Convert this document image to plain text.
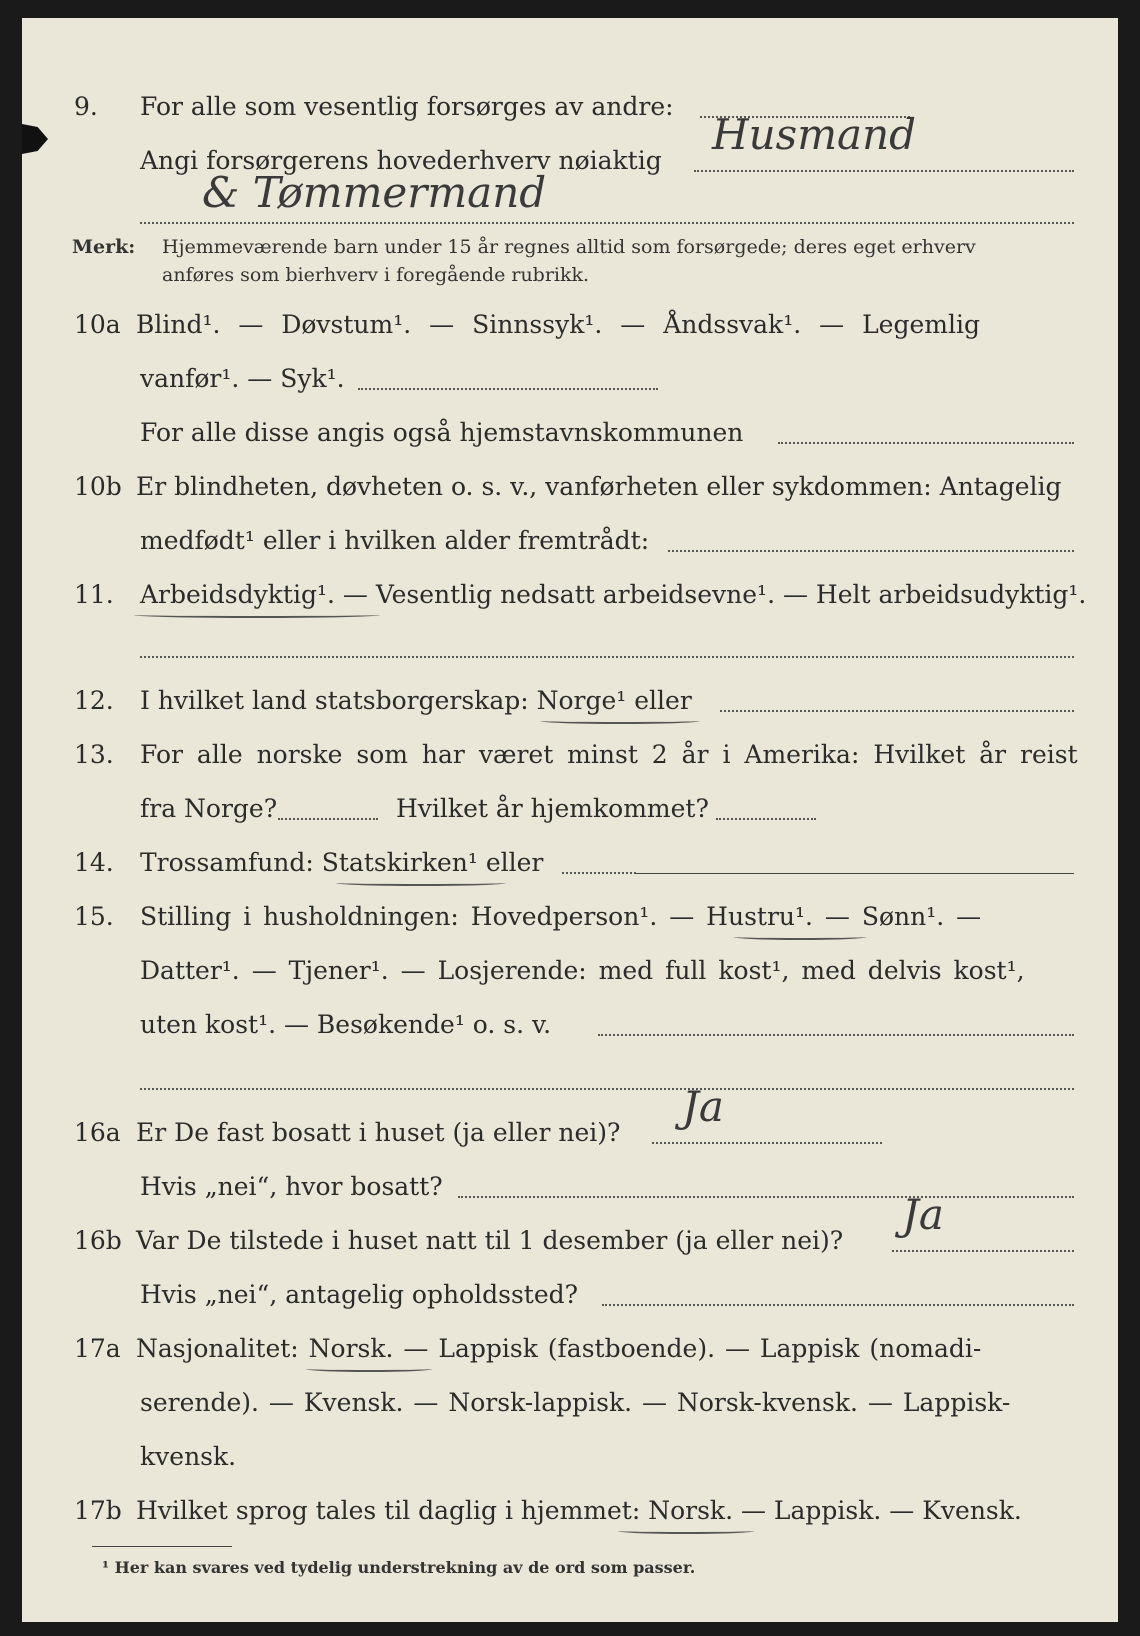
9. For alle som vesentlig forsørges av andre:
Angi forsørgerens hovederhverv nøiaktig
Husmand
& Tømmermand
Merk: Hjemmeværende barn under 15 år regnes alltid som forsørgede; deres eget erhverv
anføres som bierhverv i foregående rubrikk.
10a Blind¹. — Døvstum¹. — Sinnssyk¹. — Åndssvak¹. — Legemlig
vanfør¹. — Syk¹.
For alle disse angis også hjemstavnskommunen
10b Er blindheten, døvheten o. s. v., vanførheten eller sykdommen: Antagelig
medfødt¹ eller i hvilken alder fremtrådt:
11. Arbeidsdyktig¹. — Vesentlig nedsatt arbeidsevne¹. — Helt arbeidsudyktig¹.
12. I hvilket land statsborgerskap: Norge¹ eller
13. For alle norske som har været minst 2 år i Amerika: Hvilket år reist
fra Norge?	Hvilket år hjemkommet?
14. Trossamfund: Statskirken¹ eller
15. Stilling i husholdningen: Hovedperson¹. — Hustru¹. — Sønn¹. —
Datter¹. — Tjener¹. — Losjerende: med full kost¹, med delvis kost¹,
uten kost¹. — Besøkende¹ o. s. v.
16a Er De fast bosatt i huset (ja eller nei)?
Ja
Hvis „nei“, hvor bosatt?
16b Var De tilstede i huset natt til 1 desember (ja eller nei)?
Ja
Hvis „nei“, antagelig opholdssted?
17a Nasjonalitet: Norsk. — Lappisk (fastboende). — Lappisk (nomadi-
serende). — Kvensk. — Norsk-lappisk. — Norsk-kvensk. — Lappisk-
kvensk.
17b Hvilket sprog tales til daglig i hjemmet: Norsk. — Lappisk. — Kvensk.
¹ Her kan svares ved tydelig understrekning av de ord som passer.
